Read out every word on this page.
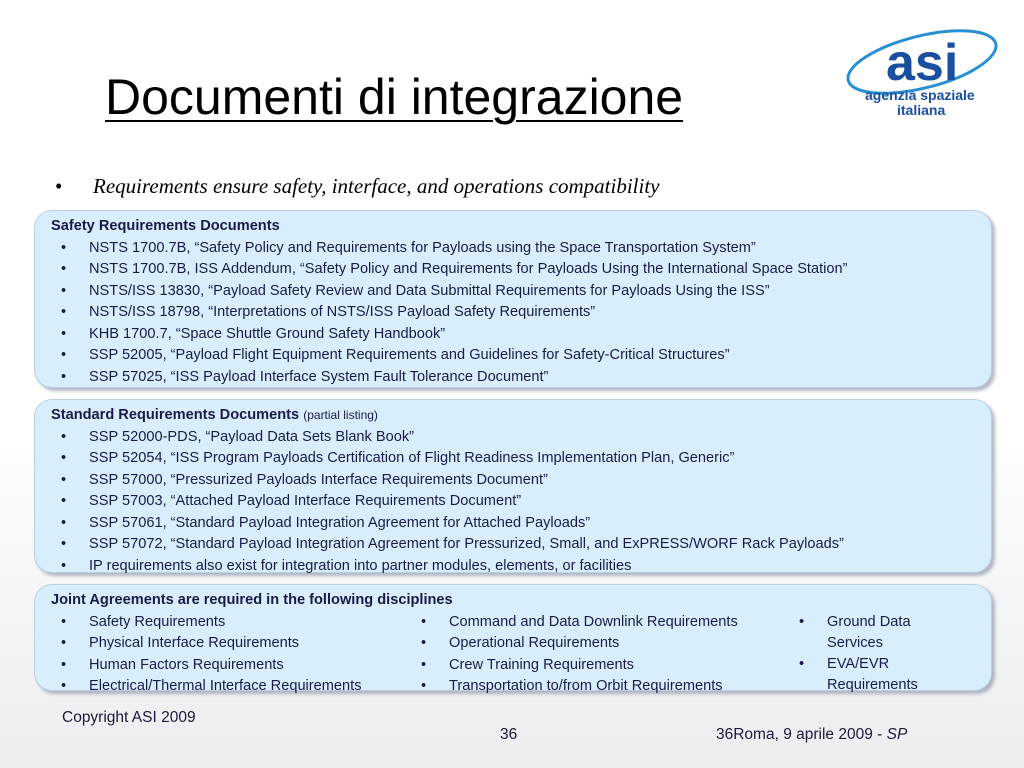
Documenti di integrazione
asi
agenzia spaziale
italiana
• Requirements ensure safety, interface, and operations compatibility
Safety Requirements Documents
• NSTS 1700.7B, “Safety Policy and Requirements for Payloads using the Space Transportation System”
• NSTS 1700.7B, ISS Addendum, “Safety Policy and Requirements for Payloads Using the International Space Station”
• NSTS/ISS 13830, “Payload Safety Review and Data Submittal Requirements for Payloads Using the ISS”
• NSTS/ISS 18798, “Interpretations of NSTS/ISS Payload Safety Requirements”
• KHB 1700.7, “Space Shuttle Ground Safety Handbook”
• SSP 52005, “Payload Flight Equipment Requirements and Guidelines for Safety-Critical Structures”
• SSP 57025, “ISS Payload Interface System Fault Tolerance Document”
Standard Requirements Documents (partial listing)
• SSP 52000-PDS, “Payload Data Sets Blank Book”
• SSP 52054, “ISS Program Payloads Certification of Flight Readiness Implementation Plan, Generic”
• SSP 57000, “Pressurized Payloads Interface Requirements Document”
• SSP 57003, “Attached Payload Interface Requirements Document”
• SSP 57061, “Standard Payload Integration Agreement for Attached Payloads”
• SSP 57072, “Standard Payload Integration Agreement for Pressurized, Small, and ExPRESS/WORF Rack Payloads”
• IP requirements also exist for integration into partner modules, elements, or facilities
Joint Agreements are required in the following disciplines
• Safety Requirements
• Physical Interface Requirements
• Human Factors Requirements
• Electrical/Thermal Interface Requirements
• Command and Data Downlink Requirements
• Operational Requirements
• Crew Training Requirements
• Transportation to/from Orbit Requirements
• Ground Data Services
• EVA/EVR Requirements
Copyright ASI 2009
36	36Roma, 9 aprile 2009 - SP
